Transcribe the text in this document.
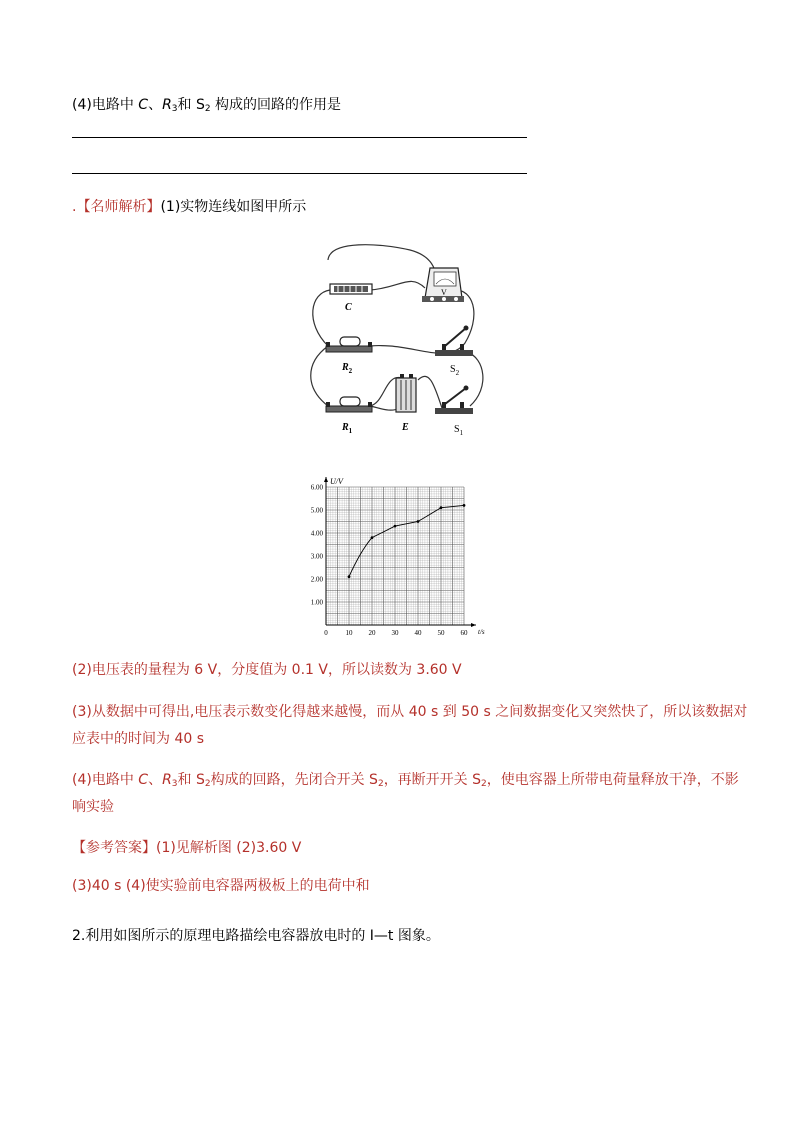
(4)电路中 C、$R_3$和 $S_2$ 构成的回路的作用是
.【名师解析】(1)实物连线如图甲所示
C
V
$R_2$	$S_2$
$R_1$	E	$S_1$
0	10 20 30 40 50 60
6.00
5.00
4.00
3.00
2.00
1.00
U/V
t/s
(2)电压表的量程为 6 V，分度值为 0.1 V，所以读数为 3.60 V
(3)从数据中可得出,电压表示数变化得越来越慢，而从 40 s 到 50 s 之间数据变化又突然快了，所以该数据对
应表中的时间为 40 s
(4)电路中 C、$R_3$和 $S_2$构成的回路，先闭合开关 $S_2$，再断开开关 $S_2$，使电容器上所带电荷量释放干净，不影
响实验
【参考答案】(1)见解析图 (2)3.60 V
(3)40 s (4)使实验前电容器两极板上的电荷中和
2.利用如图所示的原理电路描绘电容器放电时的 I—t 图象。
